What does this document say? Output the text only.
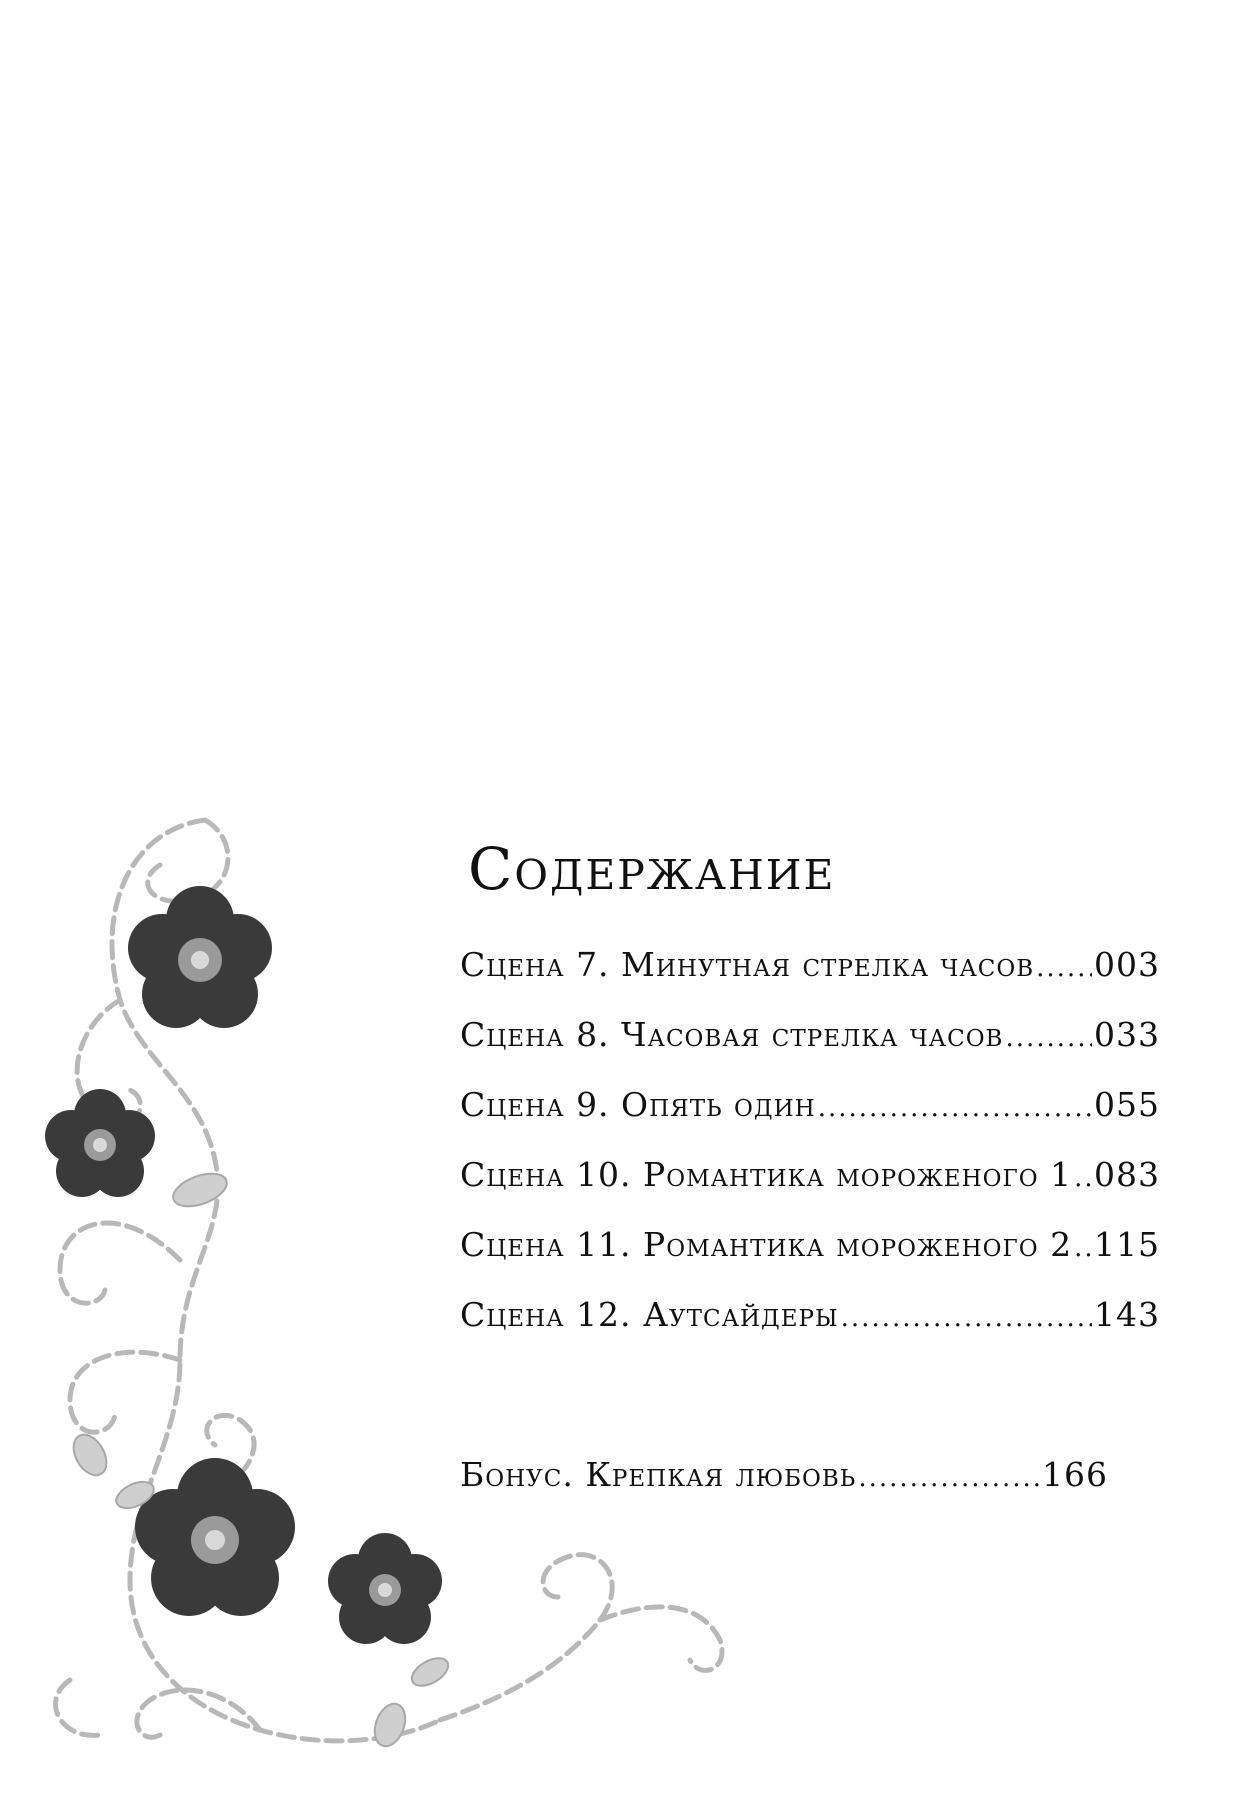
Содержание
Сцена 7. Минутная стрелка часов ..... 003
Сцена 8. Часовая стрелка часов .....	033
Сцена 9. Опять один .....	055
Сцена 10. Романтика мороженого 1 ..... 083
Сцена 11. Романтика мороженого 2 ..... 115
Сцена 12. Аутсайдеры .....	143
Бонус. Крепкая любовь .....	166
